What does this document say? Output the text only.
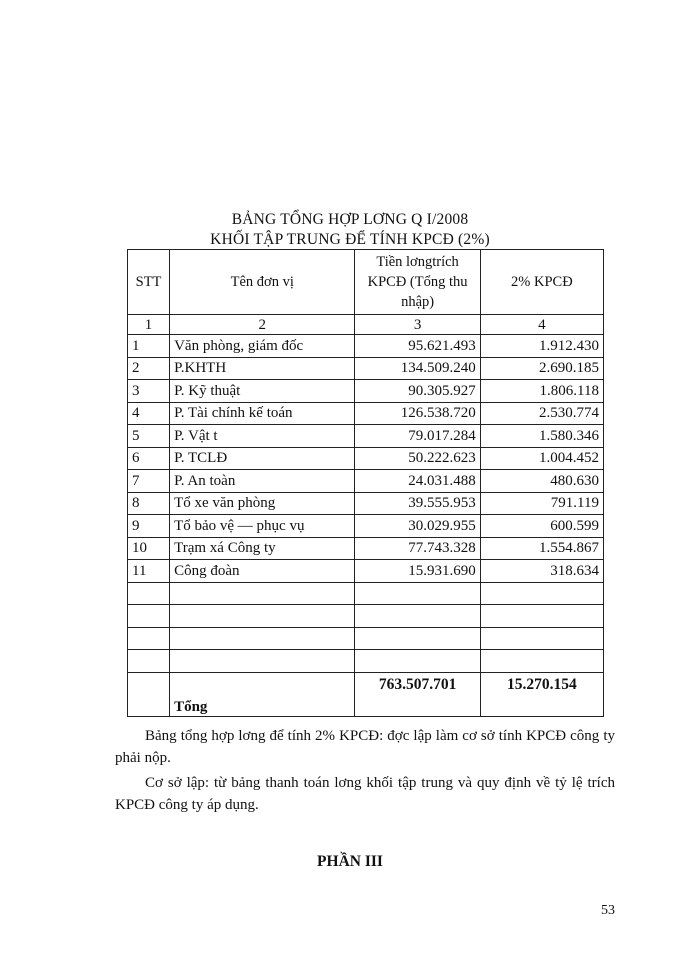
BẢNG TỔNG HỢP LƠNG Q I/2008
KHỐI TẬP TRUNG ĐỂ TÍNH KPCĐ (2%)
STT	Tên đơn vị	Tiền lơngtrích KPCĐ (Tổng thu nhập)	2% KPCĐ
1	2	3	4
1	Văn phòng, giám đốc	95.621.493	1.912.430
2	P.KHTH	134.509.240	2.690.185
3	P. Kỹ thuật	90.305.927	1.806.118
4	P. Tài chính kế toán	126.538.720	2.530.774
5	P. Vật t	79.017.284	1.580.346
6	P. TCLĐ	50.222.623	1.004.452
7	P. An toàn	24.031.488	480.630
8	Tổ xe văn phòng	39.555.953	791.119
9	Tổ bảo vệ — phục vụ	30.029.955	600.599
10	Trạm xá Công ty	77.743.328	1.554.867
11	Công đoàn	15.931.690	318.634

	Tổng	763.507.701	15.270.154
Bảng tổng hợp lơng để tính 2% KPCĐ: đợc lập làm cơ sở tính KPCĐ công ty phải nộp.
Cơ sở lập: từ bảng thanh toán lơng khối tập trung và quy định về tỷ lệ trích KPCĐ công ty áp dụng.
PHẦN III
53
